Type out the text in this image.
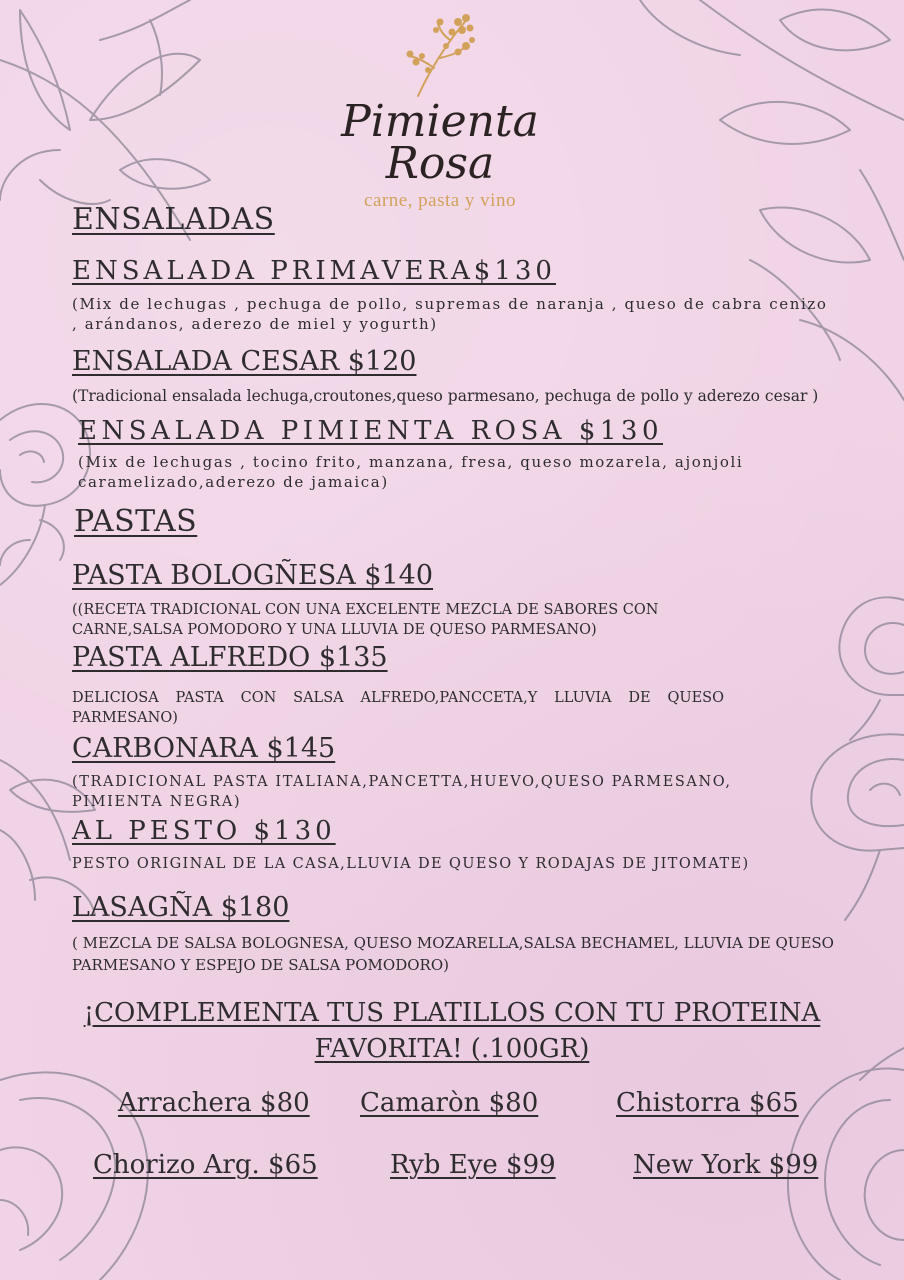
Pimienta
Rosa
carne, pasta y vino
ENSALADAS
ENSALADA PRIMAVERA$130
(Mix de lechugas , pechuga de pollo, supremas de naranja , queso de cabra cenizo , arándanos, aderezo de miel y yogurth)
ENSALADA CESAR $120
(Tradicional ensalada lechuga,croutones,queso parmesano, pechuga de pollo y aderezo cesar )
ENSALADA PIMIENTA ROSA $130
(Mix de lechugas , tocino frito, manzana, fresa, queso mozarela, ajonjoli caramelizado,aderezo de jamaica)
PASTAS
PASTA BOLOGÑESA $140
((RECETA TRADICIONAL CON UNA EXCELENTE MEZCLA DE SABORES CON CARNE,SALSA POMODORO Y UNA LLUVIA DE QUESO PARMESANO)
PASTA ALFREDO $135
DELICIOSA PASTA CON SALSA ALFREDO,PANCCETA,Y LLUVIA DE QUESO PARMESANO)
CARBONARA $145
(TRADICIONAL PASTA ITALIANA,PANCETTA,HUEVO,QUESO PARMESANO, PIMIENTA NEGRA)
AL PESTO $130
PESTO ORIGINAL DE LA CASA,LLUVIA DE QUESO Y RODAJAS DE JITOMATE)
LASAGÑA $180
( MEZCLA DE SALSA BOLOGNESA, QUESO MOZARELLA,SALSA BECHAMEL, LLUVIA DE QUESO PARMESANO Y ESPEJO DE SALSA POMODORO)
¡COMPLEMENTA TUS PLATILLOS CON TU PROTEINA
FAVORITA! (.100GR)
Arrachera $80 Camaròn $80	Chistorra $65
Chorizo Arg. $65	Ryb Eye $99	New York $99
